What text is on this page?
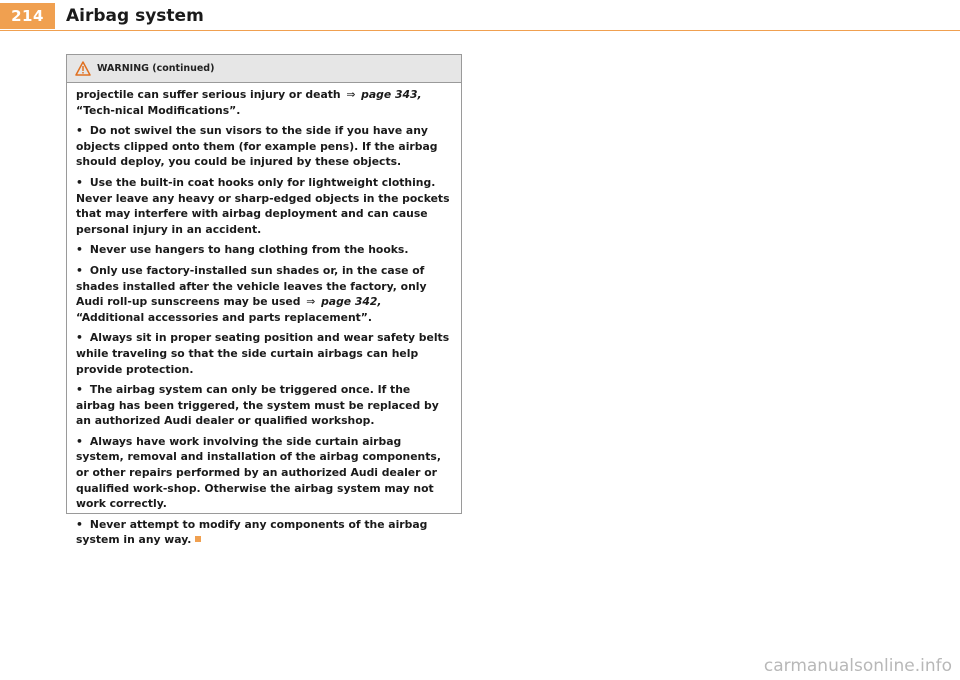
214	Airbag system
WARNING (continued)

projectile can suffer serious injury or death ⇒ page 343, “Tech-nical Modifications”.

• Do not swivel the sun visors to the side if you have any objects clipped onto them (for example pens). If the airbag should deploy, you could be injured by these objects.

• Use the built-in coat hooks only for lightweight clothing. Never leave any heavy or sharp-edged objects in the pockets that may interfere with airbag deployment and can cause personal injury in an accident.

• Never use hangers to hang clothing from the hooks.

• Only use factory-installed sun shades or, in the case of shades installed after the vehicle leaves the factory, only Audi roll-up sunscreens may be used ⇒ page 342, “Additional accessories and parts replacement”.

• Always sit in proper seating position and wear safety belts while traveling so that the side curtain airbags can help provide protection.

• The airbag system can only be triggered once. If the airbag has been triggered, the system must be replaced by an authorized Audi dealer or qualified workshop.

• Always have work involving the side curtain airbag system, removal and installation of the airbag components, or other repairs performed by an authorized Audi dealer or qualified work-shop. Otherwise the airbag system may not work correctly.

• Never attempt to modify any components of the airbag system in any way.

carmanualsonline.info
